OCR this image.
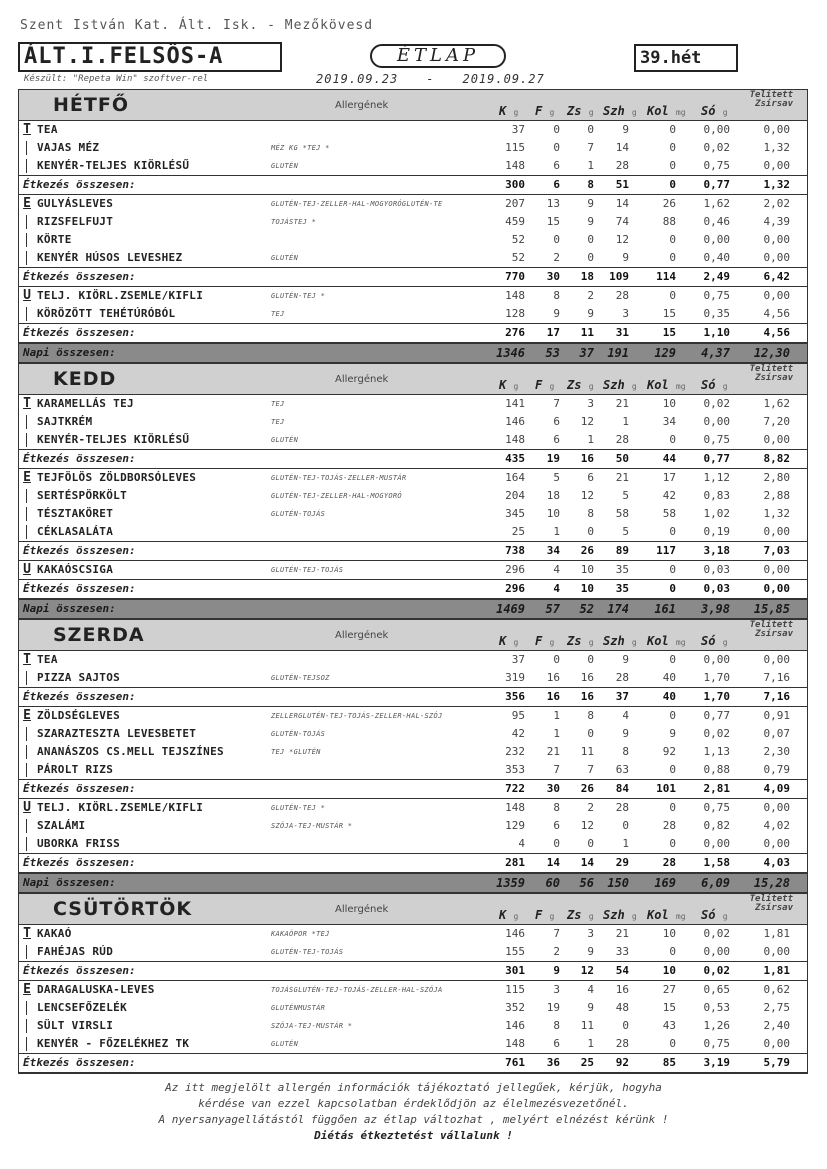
Szent István Kat. Ált. Isk. - Mezőkövesd
ÁLT.I.FELSŐS-A	ÉTLAP	39.hét
Készült: "Repeta Win" szoftver-rel	2019.09.23 - 2019.09.27
HÉTFŐ	Allergének
Telített
Zsírsav
K g F g Zs g Szh g Kol mg Só g
T TEA	37	0	0	9	0	0,00	0,00
VAJAS MÉZ	MÉZ KG *TEJ *	115	0	7	14	0	0,02	1,32
KENYÉR-TELJES KIÖRLÉSŰ	GLUTÉN	148	6	1	28	0	0,75	0,00
Étkezés összesen:	300	6	8	51	0	0,77	1,32
E GULYÁSLEVES	GLUTÉN-TEJ-ZELLER-HAL-MOGYORÓGLUTÉN-TE	207	13	9	14	26	1,62	2,02
RIZSFELFUJT	TOJÁSTEJ *	459	15	9	74	88	0,46	4,39
KÖRTE	52	0	0	12	0	0,00	0,00
KENYÉR HÚSOS LEVESHEZ	GLUTÉN	52	2	0	9	0	0,40	0,00
Étkezés összesen:	770	30	18	109	114	2,49	6,42
U TELJ. KIÖRL.ZSEMLE/KIFLI	GLUTÉN-TEJ *	148	8	2	28	0	0,75	0,00
KÖRÖZÖTT TEHÉTÚRÓBÓL	TEJ	128	9	9	3	15	0,35	4,56
Étkezés összesen:	276	17	11	31	15	1,10	4,56
Napi összesen:	1346	53	37	191	129	4,37	12,30
KEDD	Allergének
Telített
Zsírsav
K g F g Zs g Szh g Kol mg Só g
T KARAMELLÁS TEJ	TEJ	141	7	3	21	10	0,02	1,62
SAJTKRÉM	TEJ	146	6	12	1	34	0,00	7,20
KENYÉR-TELJES KIÖRLÉSŰ	GLUTÉN	148	6	1	28	0	0,75	0,00
Étkezés összesen:	435	19	16	50	44	0,77	8,82
E TEJFÖLÖS ZÖLDBORSÓLEVES	GLUTÉN-TEJ-TOJÁS-ZELLER-MUSTÁR	164	5	6	21	17	1,12	2,80
SERTÉSPÖRKÖLT	GLUTÉN-TEJ-ZELLER-HAL-MOGYORÓ	204	18	12	5	42	0,83	2,88
TÉSZTAKÖRET	GLUTÉN-TOJÁS	345	10	8	58	58	1,02	1,32
CÉKLASALÁTA	25	1	0	5	0	0,19	0,00
Étkezés összesen:	738	34	26	89	117	3,18	7,03
U KAKAÓSCSIGA	GLUTÉN-TEJ-TOJÁS	296	4	10	35	0	0,03	0,00
Étkezés összesen:	296	4	10	35	0	0,03	0,00
Napi összesen:	1469	57	52	174	161	3,98	15,85
SZERDA	Allergének
Telített
Zsírsav
K g F g Zs g Szh g Kol mg Só g
T TEA	37	0	0	9	0	0,00	0,00
PIZZA SAJTOS	GLUTÉN-TEJSOZ	319	16	16	28	40	1,70	7,16
Étkezés összesen:	356	16	16	37	40	1,70	7,16
E ZÖLDSÉGLEVES	ZELLERGLUTÉN-TEJ-TOJÁS-ZELLER-HAL-SZÓJ	95	1	8	4	0	0,77	0,91
SZARAZTESZTA LEVESBETET	GLUTÉN-TOJÁS	42	1	0	9	9	0,02	0,07
ANANÁSZOS CS.MELL TEJSZÍNES	TEJ *GLUTÉN	232	21	11	8	92	1,13	2,30
PÁROLT RIZS	353	7	7	63	0	0,88	0,79
Étkezés összesen:	722	30	26	84	101	2,81	4,09
U TELJ. KIÖRL.ZSEMLE/KIFLI	GLUTÉN-TEJ *	148	8	2	28	0	0,75	0,00
SZALÁMI	SZÓJA-TEJ-MUSTÁR *	129	6	12	0	28	0,82	4,02
UBORKA FRISS	4	0	0	1	0	0,00	0,00
Étkezés összesen:	281	14	14	29	28	1,58	4,03
Napi összesen:	1359	60	56	150	169	6,09	15,28
CSÜTÖRTÖK	Allergének
Telített
Zsírsav
K g F g Zs g Szh g Kol mg Só g
T KAKAÓ	KAKAÓPOR *TEJ	146	7	3	21	10	0,02	1,81
FAHÉJAS RÚD	GLUTÉN-TEJ-TOJÁS	155	2	9	33	0	0,00	0,00
Étkezés összesen:	301	9	12	54	10	0,02	1,81
E DARAGALUSKA-LEVES	TOJÁSGLUTÉN-TEJ-TOJÁS-ZELLER-HAL-SZÓJA	115	3	4	16	27	0,65	0,62
LENCSEFŐZELÉK	GLUTÉNMUSTÁR	352	19	9	48	15	0,53	2,75
SÜLT VIRSLI	SZÓJA-TEJ-MUSTÁR *	146	8	11	0	43	1,26	2,40
KENYÉR - FŐZELÉKHEZ TK	GLUTÉN	148	6	1	28	0	0,75	0,00
Étkezés összesen:	761	36	25	92	85	3,19	5,79
Az itt megjelölt allergén információk tájékoztató jellegűek, kérjük, hogyha
kérdése van ezzel kapcsolatban érdeklődjön az élelmezésvezetőnél.
A nyersanyagellátástól függően az étlap változhat , melyért elnézést kérünk !
Diétás étkeztetést vállalunk !
